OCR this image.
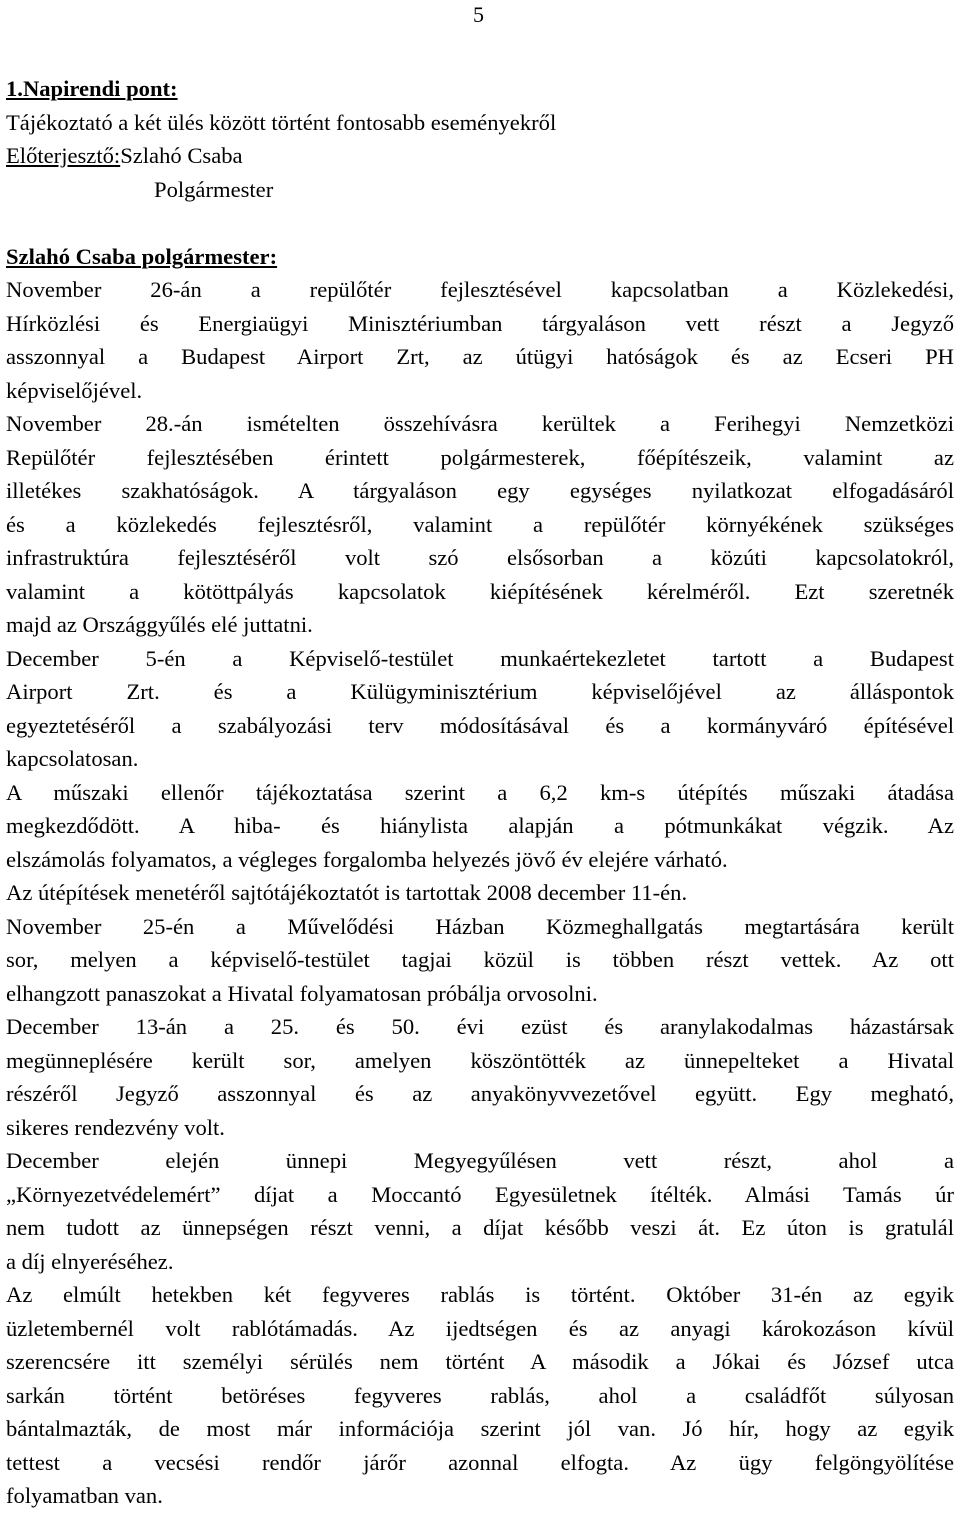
5
1.Napirendi pont:
Tájékoztató a két ülés között történt fontosabb eseményekről
Előterjesztő:Szlahó Csaba
Polgármester
Szlahó Csaba polgármester:
November 26-án a repülőtér fejlesztésével kapcsolatban a Közlekedési,
Hírközlési és Energiaügyi Minisztériumban tárgyaláson vett részt a Jegyző
asszonnyal a Budapest Airport Zrt, az útügyi hatóságok és az Ecseri PH
képviselőjével.
November 28.-án ismételten összehívásra kerültek a Ferihegyi Nemzetközi
Repülőtér fejlesztésében érintett polgármesterek, főépítészeik, valamint az
illetékes szakhatóságok. A tárgyaláson egy egységes nyilatkozat elfogadásáról
és a közlekedés fejlesztésről, valamint a repülőtér környékének szükséges
infrastruktúra fejlesztéséről volt szó elsősorban a közúti kapcsolatokról,
valamint a kötöttpályás kapcsolatok kiépítésének kérelméről. Ezt szeretnék
majd az Országgyűlés elé juttatni.
December 5-én a Képviselő-testület munkaértekezletet tartott a Budapest
Airport Zrt. és a Külügyminisztérium képviselőjével az álláspontok
egyeztetéséről a szabályozási terv módosításával és a kormányváró építésével
kapcsolatosan.
A műszaki ellenőr tájékoztatása szerint a 6,2 km-s útépítés műszaki átadása
megkezdődött. A hiba- és hiánylista alapján a pótmunkákat végzik. Az
elszámolás folyamatos, a végleges forgalomba helyezés jövő év elejére várható.
Az útépítések menetéről sajtótájékoztatót is tartottak 2008 december 11-én.
November 25-én a Művelődési Házban Közmeghallgatás megtartására került
sor, melyen a képviselő-testület tagjai közül is többen részt vettek. Az ott
elhangzott panaszokat a Hivatal folyamatosan próbálja orvosolni.
December 13-án a 25. és 50. évi ezüst és aranylakodalmas házastársak
megünneplésére került sor, amelyen köszöntötték az ünnepelteket a Hivatal
részéről Jegyző asszonnyal és az anyakönyvvezetővel együtt. Egy megható,
sikeres rendezvény volt.
December elején ünnepi Megyegyűlésen vett részt, ahol a
„Környezetvédelemért” díjat a Moccantó Egyesületnek ítélték. Almási Tamás úr
nem tudott az ünnepségen részt venni, a díjat később veszi át. Ez úton is gratulál
a díj elnyeréséhez.
Az elmúlt hetekben két fegyveres rablás is történt. Október 31-én az egyik
üzletembernél volt rablótámadás. Az ijedtségen és az anyagi károkozáson kívül
szerencsére itt személyi sérülés nem történt A második a Jókai és József utca
sarkán történt betöréses fegyveres rablás, ahol a családfőt súlyosan
bántalmazták, de most már információja szerint jól van. Jó hír, hogy az egyik
tettest a vecsési rendőr járőr azonnal elfogta. Az ügy felgöngyölítése
folyamatban van.
